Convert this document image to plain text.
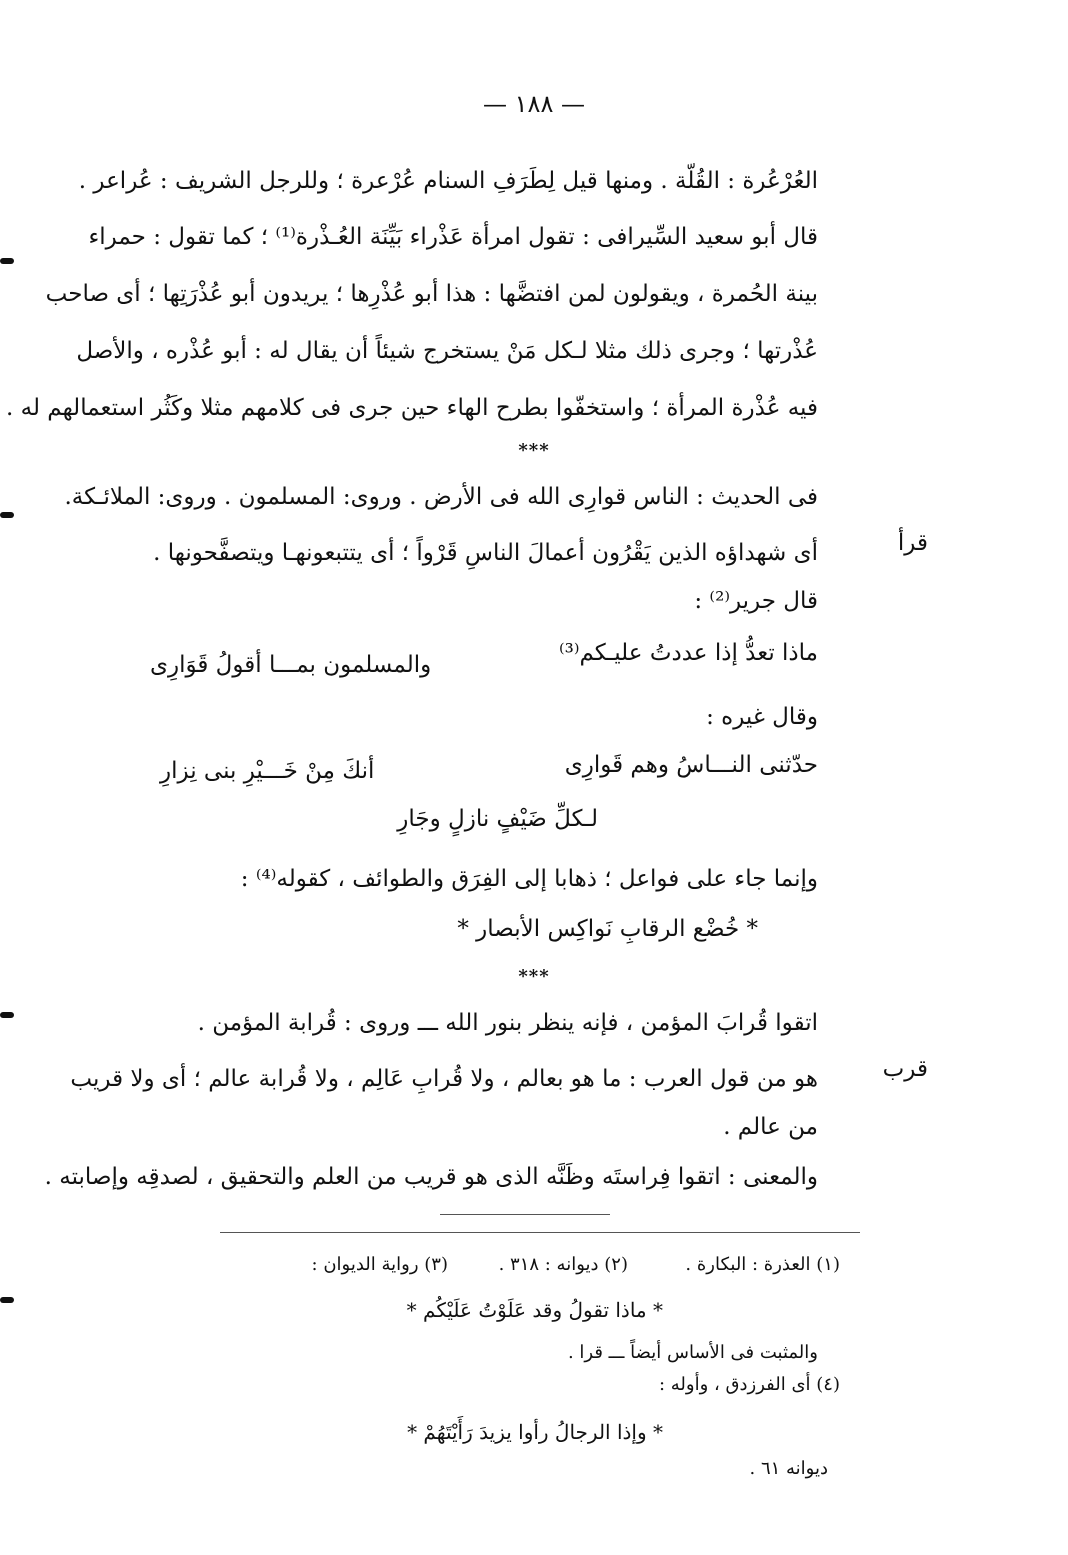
— ١٨٨ —
العُرْعُرة : القُلّة . ومنها قيل لِطَرَفِ السنام عُرْعرة ؛ وللرجل الشريف : عُراعر .
قال أبو سعيد السِّيرافى : تقول امرأة عَذْراء بَيِّنَة العُـذْرة⁽¹⁾ ؛ كما تقول : حمراء
بينة الحُمرة ، ويقولون لمن افتضَّها : هذا أبو عُذْرِها ؛ يريدون أبو عُذْرَتِها ؛ أى صاحب
عُذْرتها ؛ وجرى ذلك مثلا لـكل مَنْ يستخرج شيئاً أن يقال له : أبو عُذْره ، والأصل
فيه عُذْرة المرأة ؛ واستخفّوا بطرح الهاء حين جرى فى كلامهم مثلا وكَثُر استعمالهم له .
***
فى الحديث : الناس قوارِى الله فى الأرض . وروى: المسلمون . وروى: الملائـكة.
قرأ
أى شهداؤه الذين يَقْرُون أعمالَ الناسِ قَرْواً ؛ أى يتتبعونهـا ويتصفَّحونها .
قال جرير⁽²⁾ :
ماذا تعدُّ إذا عددتُ عليـكم⁽³⁾
والمسلمون بمـــا أقولُ قَوَارِى
وقال غيره :
حدّثنى النـــاسُ وهم قَوارِى
أنكَ مِنْ خَـــيْرِ بنى نِزارِ
لـكلِّ ضَيْفٍ نازلٍ وجَارِ
وإنما جاء على فواعل ؛ ذهابا إلى الفِرَق والطوائف ، كقوله⁽⁴⁾ :
* خُضْع الرقابِ نَواكِس الأبصار *
***
اتقوا قُرابَ المؤمن ، فإنه ينظر بنور الله ـــ وروى : قُرابة المؤمن .
قرب
هو من قول العرب : ما هو بعالم ، ولا قُرابِ عَالِم ، ولا قُرابة عالم ؛ أى ولا قريب
من عالم .
والمعنى : اتقوا فِراستَه وظَنَّه الذى هو قريب من العلم والتحقيق ، لصدقِه وإصابته .
(١) العذرة : البكارة .
(٢) ديوانه : ٣١٨ .
(٣) رواية الديوان :
* ماذا تقولُ وقد عَلَوْتُ عَلَيْكُم *
والمثبت فى الأساس أيضاً ـــ قرا .
(٤) أى الفرزدق ، وأوله :
* وإذا الرجالُ رأوا يزيدَ رَأَيْتَهُمْ *
ديوانه ٦١ .
